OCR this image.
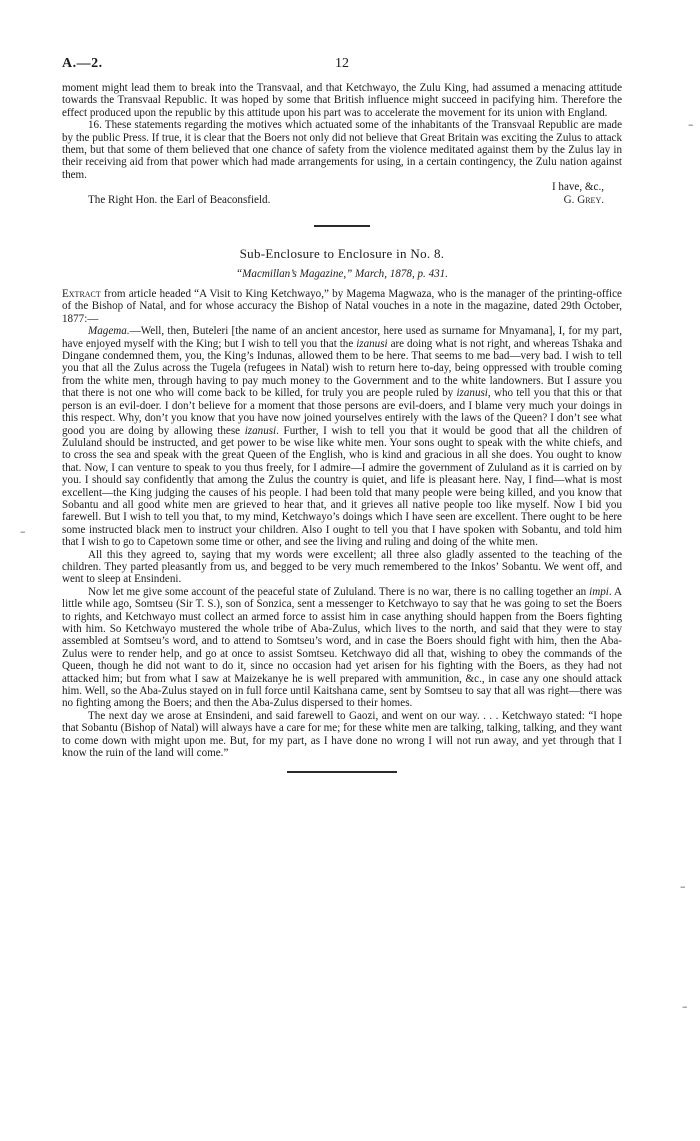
–
–
–
–
A.—2.	12

moment might lead them to break into the Transvaal, and that Ketchwayo, the Zulu King, had assumed a menacing attitude towards the Transvaal Republic. It was hoped by some that British influence might succeed in pacifying him. Therefore the effect produced upon the republic by this attitude upon his part was to accelerate the movement for its union with England.

16. These statements regarding the motives which actuated some of the inhabitants of the Transvaal Republic are made by the public Press. If true, it is clear that the Boers not only did not believe that Great Britain was exciting the Zulus to attack them, but that some of them believed that one chance of safety from the violence meditated against them by the Zulus lay in their receiving aid from that power which had made arrangements for using, in a certain contingency, the Zulu nation against them.

I have, &c.,
The Right Hon. the Earl of Beaconsfield.	G. Grey.
Sub-Enclosure to Enclosure in No. 8.
“Macmillan’s Magazine,” March, 1878, p. 431.

Extract from article headed “A Visit to King Ketchwayo,” by Magema Magwaza, who is the manager of the printing-office of the Bishop of Natal, and for whose accuracy the Bishop of Natal vouches in a note in the magazine, dated 29th October, 1877:—

Magema.—Well, then, Buteleri [the name of an ancient ancestor, here used as surname for Mnyamana], I, for my part, have enjoyed myself with the King; but I wish to tell you that the izanusi are doing what is not right, and whereas Tshaka and Dingane condemned them, you, the King’s Indunas, allowed them to be here. That seems to me bad—very bad. I wish to tell you that all the Zulus across the Tugela (refugees in Natal) wish to return here to-day, being oppressed with trouble coming from the white men, through having to pay much money to the Government and to the white landowners. But I assure you that there is not one who will come back to be killed, for truly you are people ruled by izanusi, who tell you that this or that person is an evil-doer. I don’t believe for a moment that those persons are evil-doers, and I blame very much your doings in this respect. Why, don’t you know that you have now joined yourselves entirely with the laws of the Queen? I don’t see what good you are doing by allowing these izanusi. Further, I wish to tell you that it would be good that all the children of Zululand should be instructed, and get power to be wise like white men. Your sons ought to speak with the white chiefs, and to cross the sea and speak with the great Queen of the English, who is kind and gracious in all she does. You ought to know that. Now, I can venture to speak to you thus freely, for I admire—I admire the government of Zululand as it is carried on by you. I should say confidently that among the Zulus the country is quiet, and life is pleasant here. Nay, I find—what is most excellent—the King judging the causes of his people. I had been told that many people were being killed, and you know that Sobantu and all good white men are grieved to hear that, and it grieves all native people too like myself. Now I bid you farewell. But I wish to tell you that, to my mind, Ketchwayo’s doings which I have seen are excellent. There ought to be here some instructed black men to instruct your children. Also I ought to tell you that I have spoken with Sobantu, and told him that I wish to go to Capetown some time or other, and see the living and ruling and doing of the white men.

All this they agreed to, saying that my words were excellent; all three also gladly assented to the teaching of the children. They parted pleasantly from us, and begged to be very much remembered to the Inkos’ Sobantu. We went off, and went to sleep at Ensindeni.

Now let me give some account of the peaceful state of Zululand. There is no war, there is no calling together an impi. A little while ago, Somtseu (Sir T. S.), son of Sonzica, sent a messenger to Ketchwayo to say that he was going to set the Boers to rights, and Ketchwayo must collect an armed force to assist him in case anything should happen from the Boers fighting with him. So Ketchwayo mustered the whole tribe of Aba-Zulus, which lives to the north, and said that they were to stay assembled at Somtseu’s word, and to attend to Somtseu’s word, and in case the Boers should fight with him, then the Aba-Zulus were to render help, and go at once to assist Somtseu. Ketchwayo did all that, wishing to obey the commands of the Queen, though he did not want to do it, since no occasion had yet arisen for his fighting with the Boers, as they had not attacked him; but from what I saw at Maizekanye he is well prepared with ammunition, &c., in case any one should attack him. Well, so the Aba-Zulus stayed on in full force until Kaitshana came, sent by Somtseu to say that all was right—there was no fighting among the Boers; and then the Aba-Zulus dispersed to their homes.

The next day we arose at Ensindeni, and said farewell to Gaozi, and went on our way. . . . Ketchwayo stated: “I hope that Sobantu (Bishop of Natal) will always have a care for me; for these white men are talking, talking, talking, and they want to come down with might upon me. But, for my part, as I have done no wrong I will not run away, and yet through that I know the ruin of the land will come.”
